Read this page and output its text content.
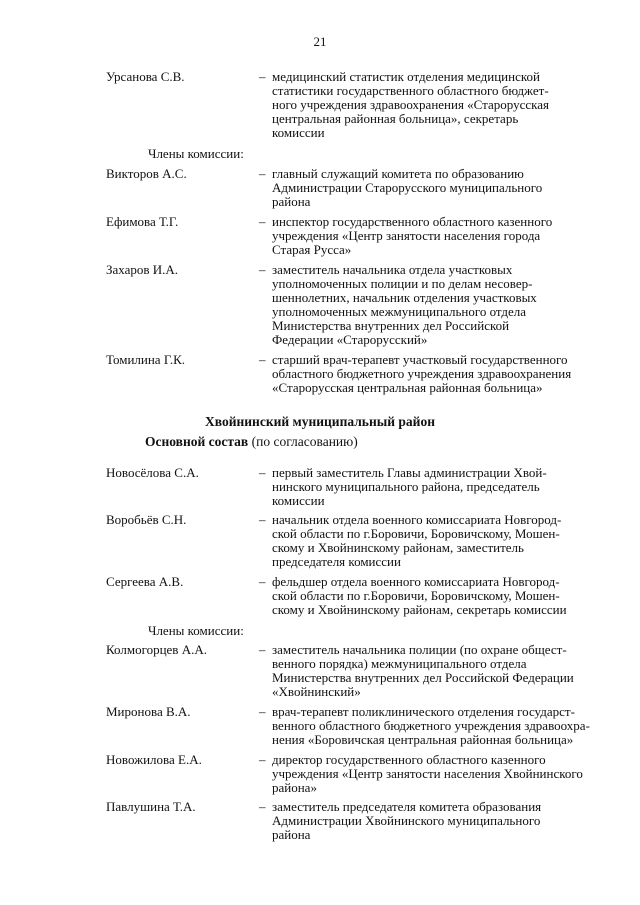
21
Урсанова С.В.	– медицинский статистик отделения медицинской
статистики государственного областного бюджет-
ного учреждения здравоохранения «Старорусская
центральная районная больница», секретарь
комиссии
Члены комиссии:
Викторов А.С.	– главный служащий комитета по образованию
Администрации Старорусского муниципального
района
Ефимова Т.Г.	– инспектор государственного областного казенного
учреждения «Центр занятости населения города
Старая Русса»
Захаров И.А.	– заместитель начальника отдела участковых
уполномоченных полиции и по делам несовер-
шеннолетних, начальник отделения участковых
уполномоченных межмуниципального отдела
Министерства внутренних дел Российской
Федерации «Старорусский»
Томилина Г.К.	– старший врач-терапевт участковый государственного
областного бюджетного учреждения здравоохранения
«Старорусская центральная районная больница»
Хвойнинский муниципальный район
Основной состав (по согласованию)
Новосёлова С.А.	– первый заместитель Главы администрации Хвой-
нинского муниципального района, председатель
комиссии
Воробьёв С.Н.	– начальник отдела военного комиссариата Новгород-
ской области по г.Боровичи, Боровичскому, Мошен-
скому и Хвойнинскому районам, заместитель
председателя комиссии
Сергеева А.В.	– фельдшер отдела военного комиссариата Новгород-
ской области по г.Боровичи, Боровичскому, Мошен-
скому и Хвойнинскому районам, секретарь комиссии
Члены комиссии:
Колмогорцев А.А.	– заместитель начальника полиции (по охране общест-
венного порядка) межмуниципального отдела
Министерства внутренних дел Российской Федерации
«Хвойнинский»
Миронова В.А.	– врач-терапевт поликлинического отделения государст-
венного областного бюджетного учреждения здравоохра-
нения «Боровичская центральная районная больница»
Новожилова Е.А.	– директор государственного областного казенного
учреждения «Центр занятости населения Хвойнинского
района»
Павлушина Т.А.	– заместитель председателя комитета образования
Администрации Хвойнинского муниципального
района
